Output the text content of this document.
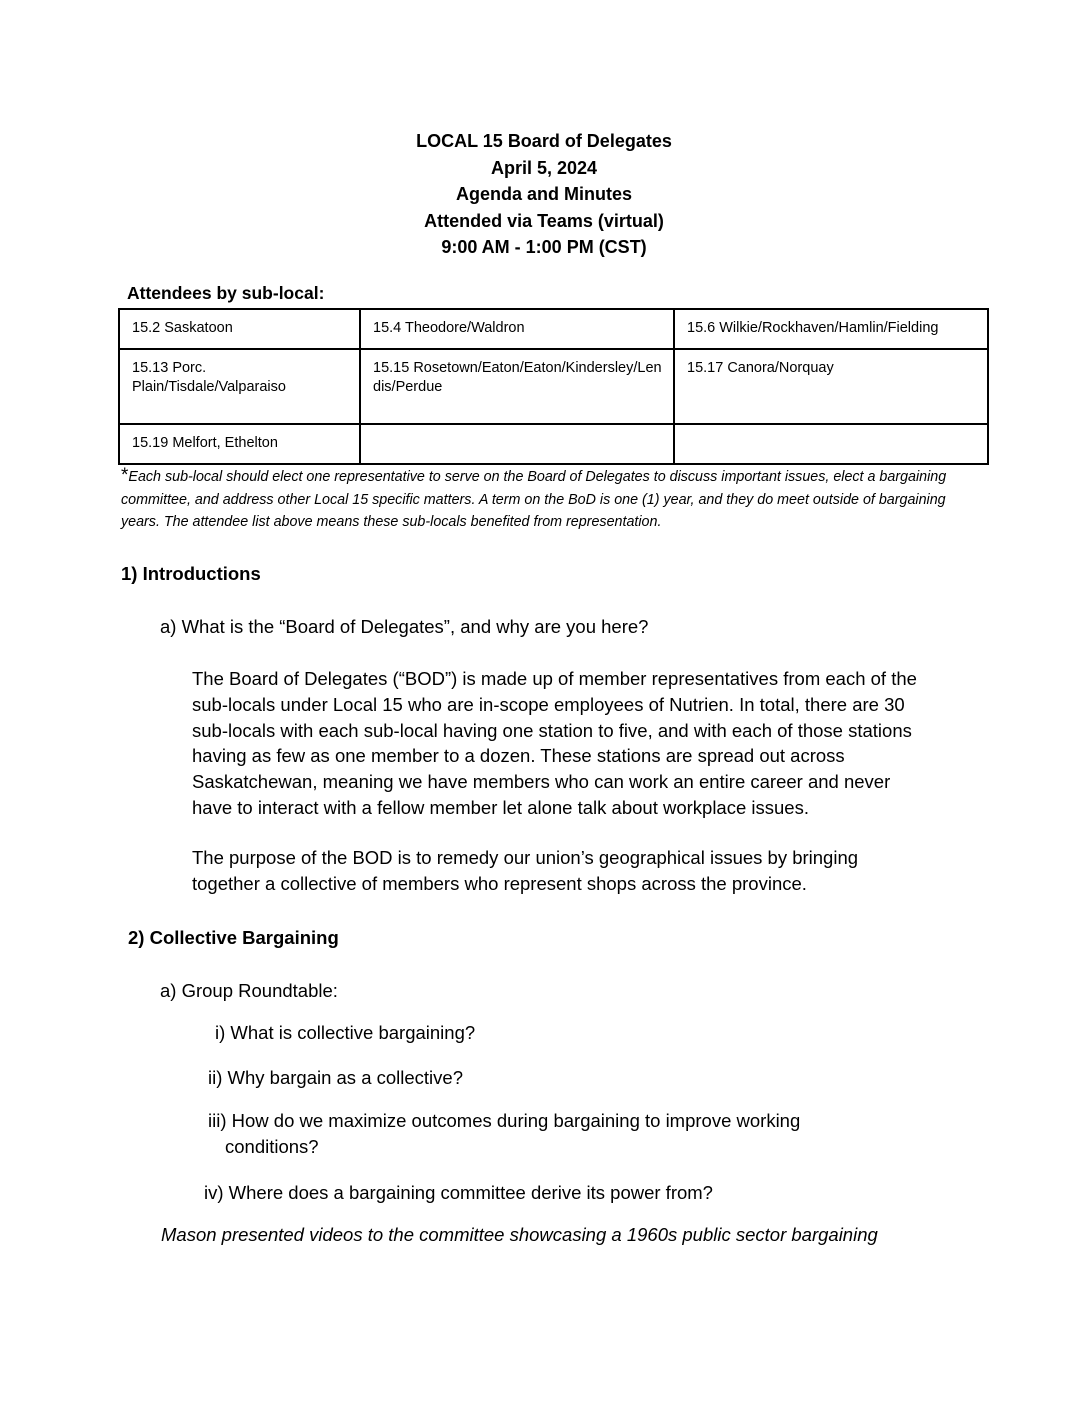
LOCAL 15 Board of Delegates
April 5, 2024
Agenda and Minutes
Attended via Teams (virtual)
9:00 AM - 1:00 PM (CST)
Attendees by sub-local:
15.2 Saskatoon	15.4 Theodore/Waldron	15.6 Wilkie/Rockhaven/Hamlin/Fielding
15.13 Porc. Plain/Tisdale/Valparaiso	15.15 Rosetown/Eaton/Eaton/Kindersley/Lendis/Perdue	15.17 Canora/Norquay
15.19 Melfort, Ethelton		
*Each sub-local should elect one representative to serve on the Board of Delegates to discuss important issues, elect a bargaining committee, and address other Local 15 specific matters. A term on the BoD is one (1) year, and they do meet outside of bargaining years. The attendee list above means these sub-locals benefited from representation.
1) Introductions
a) What is the “Board of Delegates”, and why are you here?
The Board of Delegates (“BOD”) is made up of member representatives from each of the
sub-locals under Local 15 who are in-scope employees of Nutrien. In total, there are 30
sub-locals with each sub-local having one station to five, and with each of those stations
having as few as one member to a dozen. These stations are spread out across
Saskatchewan, meaning we have members who can work an entire career and never
have to interact with a fellow member let alone talk about workplace issues.
The purpose of the BOD is to remedy our union’s geographical issues by bringing
together a collective of members who represent shops across the province.
2) Collective Bargaining
a) Group Roundtable:
i) What is collective bargaining?
ii) Why bargain as a collective?
iii) How do we maximize outcomes during bargaining to improve working
conditions?
iv) Where does a bargaining committee derive its power from?
Mason presented videos to the committee showcasing a 1960s public sector bargaining
